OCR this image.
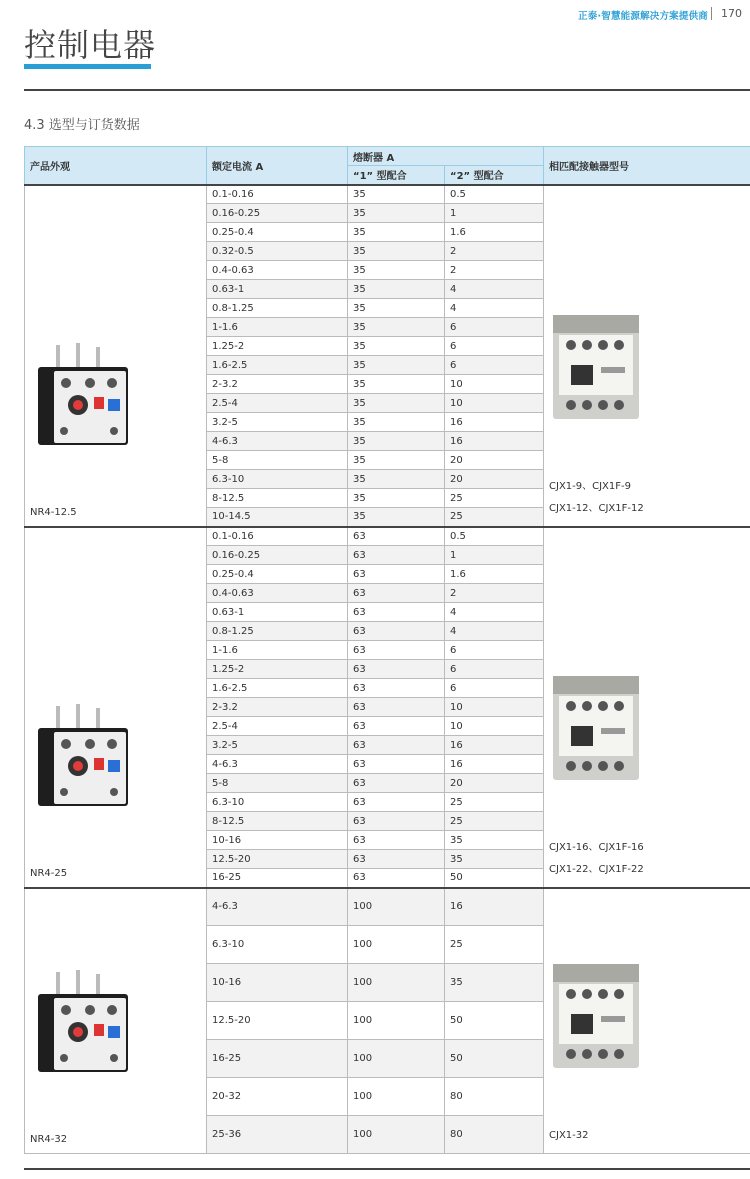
正泰·智慧能源解决方案提供商 170
控制电器
4.3 选型与订货数据
产品外观	额定电流 A	熔断器 A		相匹配接触器型号
		“1” 型配合	“2” 型配合	

NR4-12.5	0.1-0.16	35	0.5	CJX1-9、CJX1F-9
CJX1-12、CJX1F-12

	0.16-0.25	35	1	
	0.25-0.4	35	1.6	
	0.32-0.5	35	2	
	0.4-0.63	35	2	
	0.63-1	35	4	
	0.8-1.25	35	4	
	1-1.6	35	6	
	1.25-2	35	6	
	1.6-2.5	35	6	
	2-3.2	35	10	
	2.5-4	35	10	
	3.2-5	35	16	
	4-6.3	35	16	
	5-8	35	20	
	6.3-10	35	20	
	8-12.5	35	25	
	10-14.5	35	25	

NR4-25	0.1-0.16	63	0.5	CJX1-16、CJX1F-16
CJX1-22、CJX1F-22

	0.16-0.25	63	1	
	0.25-0.4	63	1.6	
	0.4-0.63	63	2	
	0.63-1	63	4	
	0.8-1.25	63	4	
	1-1.6	63	6	
	1.25-2	63	6	
	1.6-2.5	63	6	
	2-3.2	63	10	
	2.5-4	63	10	
	3.2-5	63	16	
	4-6.3	63	16	
	5-8	63	20	
	6.3-10	63	25	
	8-12.5	63	25	
	10-16	63	35	
	12.5-20	63	35	
	16-25	63	50	

NR4-32	4-6.3	100	16	CJX1-32

	6.3-10	100	25	
	10-16	100	35	
	12.5-20	100	50	
	16-25	100	50	
	20-32	100	80	
	25-36	100	80	
